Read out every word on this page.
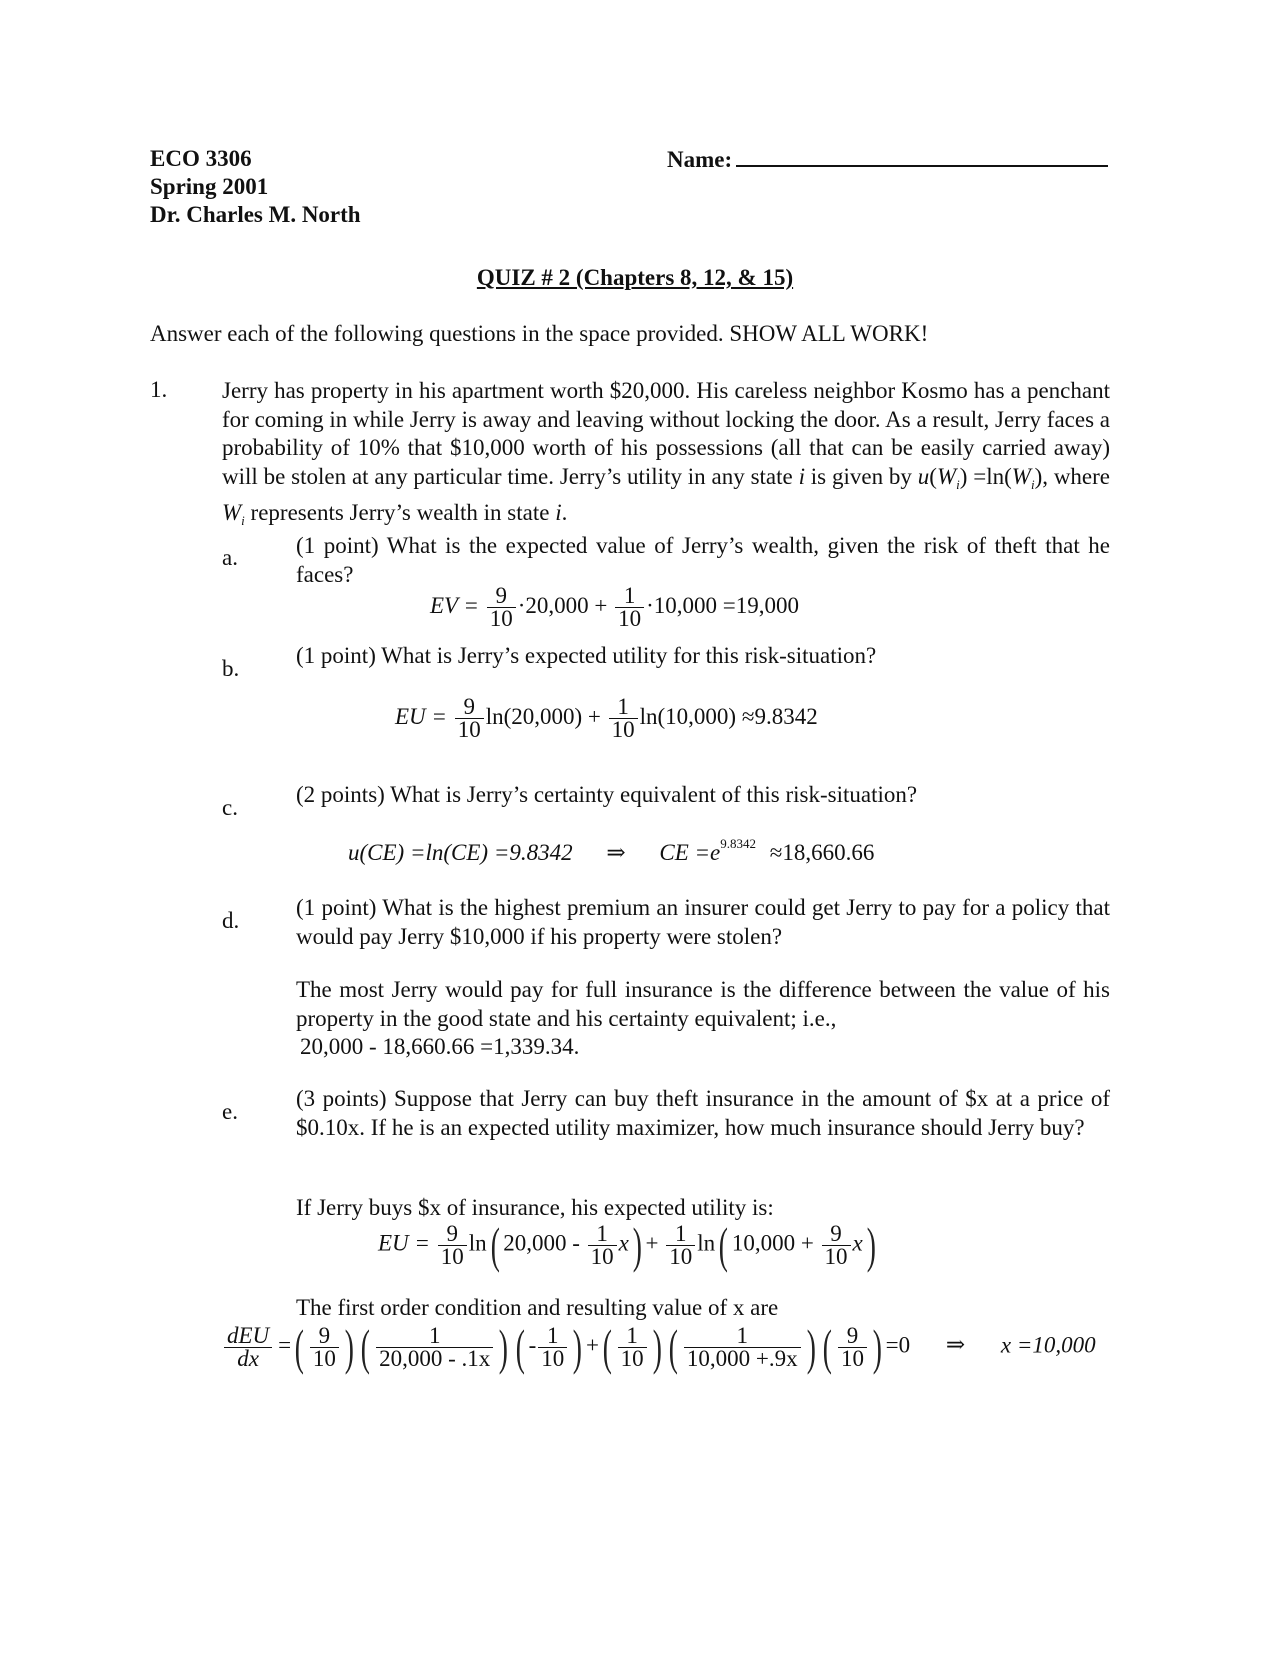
ECO 3306
Spring 2001
Dr. Charles M. North
Name:
QUIZ # 2 (Chapters 8, 12, & 15)
Answer each of the following questions in the space provided. SHOW ALL WORK!
1. Jerry has property in his apartment worth $20,000. His careless neighbor Kosmo has a penchant for coming in while Jerry is away and leaving without locking the door. As a result, Jerry faces a probability of 10% that $10,000 worth of his possessions (all that can be easily carried away) will be stolen at any particular time. Jerry’s utility in any state i is given by $u(W_i) =\ln(W_i)$, where $W_i$ represents Jerry’s wealth in state i.
a.	(1 point) What is the expected value of Jerry’s wealth, given the risk of theft that he faces?
EV = $\frac{9}{10} \cdot 20,000 + \frac{1}{10} \cdot 10,000 =19,000$
b.
(1 point) What is Jerry’s expected utility for this risk-situation?
EU = $\frac{9}{10} \ln(20,000) + \frac{1}{10} \ln(10,000) \approx 9.8342$
c.
(2 points) What is Jerry’s certainty equivalent of this risk-situation?
u(CE) =ln(CE) =9.8342 ⇒ CE $=e^{9.8342} \approx 18,660.66$
d.
(1 point) What is the highest premium an insurer could get Jerry to pay for a policy that would pay Jerry $10,000 if his property were stolen?
The most Jerry would pay for full insurance is the difference between the value of his property in the good state and his certainty equivalent; i.e.,
20,000 - 18,660.66 =1,339.34.
e.
(3 points) Suppose that Jerry can buy theft insurance in the amount of $x at a price of $0.10x. If he is an expected utility maximizer, how much insurance should Jerry buy?
If Jerry buys $x of insurance, his expected utility is:
EU = $\frac{9}{10} \ln$( $20,000 - \frac{1}{10} x) + \frac{1}{10} \ln$( $10,000 + \frac{9}{10} x$)
The first order condition and resulting value of x are
$\frac{\text{dEU}}{dx}$ =( $\frac{9}{10}$ ) ( $\frac{1}{20,000 - .1x}$ ) ( - $\frac{1}{10}$ ) +( $\frac{1}{10}$ ) ( $\frac{1}{10,000 +.9x}$ ) ( $\frac{9}{10}$ ) =0 ⇒ x =10,000
